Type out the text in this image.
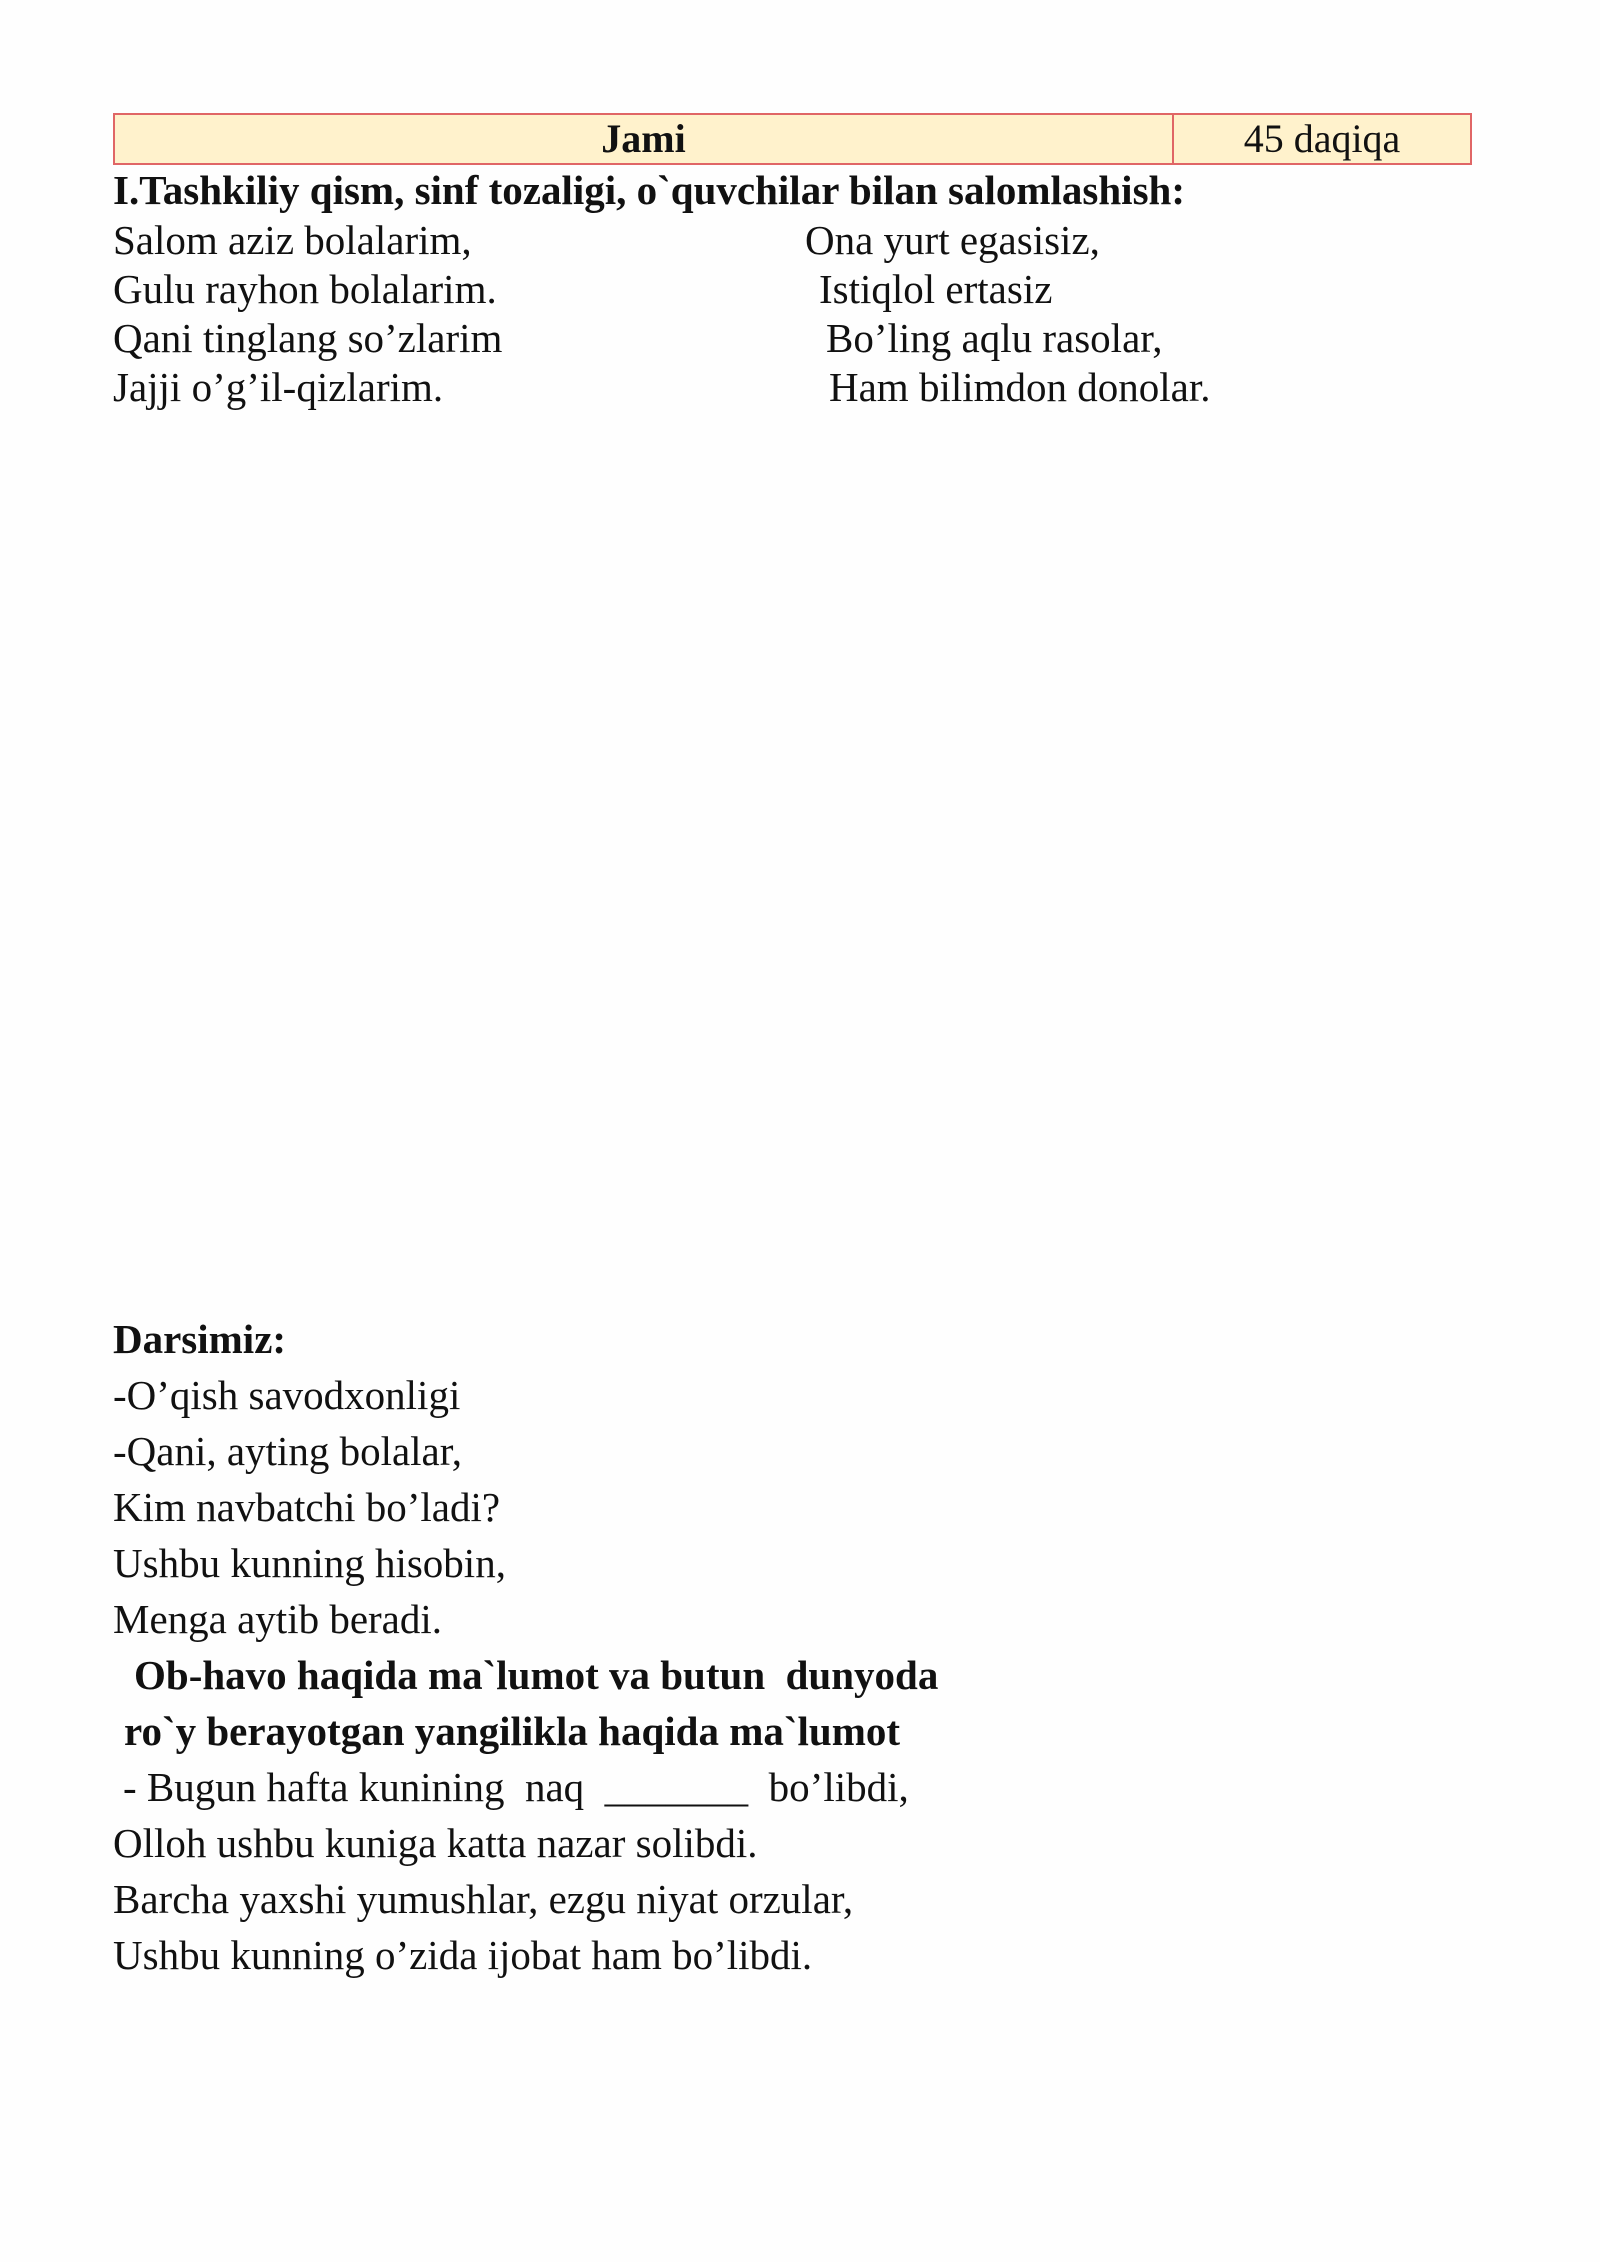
Jami	45 daqiqa
I.Tashkiliy qism, sinf tozaligi, o`quvchilar bilan salomlashish:
Salom aziz bolalarim,
Gulu rayhon bolalarim.
Qani tinglang so’zlarim
Jajji o’g’il-qizlarim.
Ona yurt egasisiz,
Istiqlol ertasiz
Bo’ling aqlu rasolar,
Ham bilimdon donolar.
Darsimiz:
-O’qish savodxonligi
-Qani, ayting bolalar,
Kim navbatchi bo’ladi?
Ushbu kunning hisobin,
Menga aytib beradi.
Ob-havo haqida ma`lumot va butun  dunyoda
ro`y berayotgan yangilikla haqida ma`lumot
- Bugun hafta kunining  naq  _______  bo’libdi,
Olloh ushbu kuniga katta nazar solibdi.
Barcha yaxshi yumushlar, ezgu niyat orzular,
Ushbu kunning o’zida ijobat ham bo’libdi.
